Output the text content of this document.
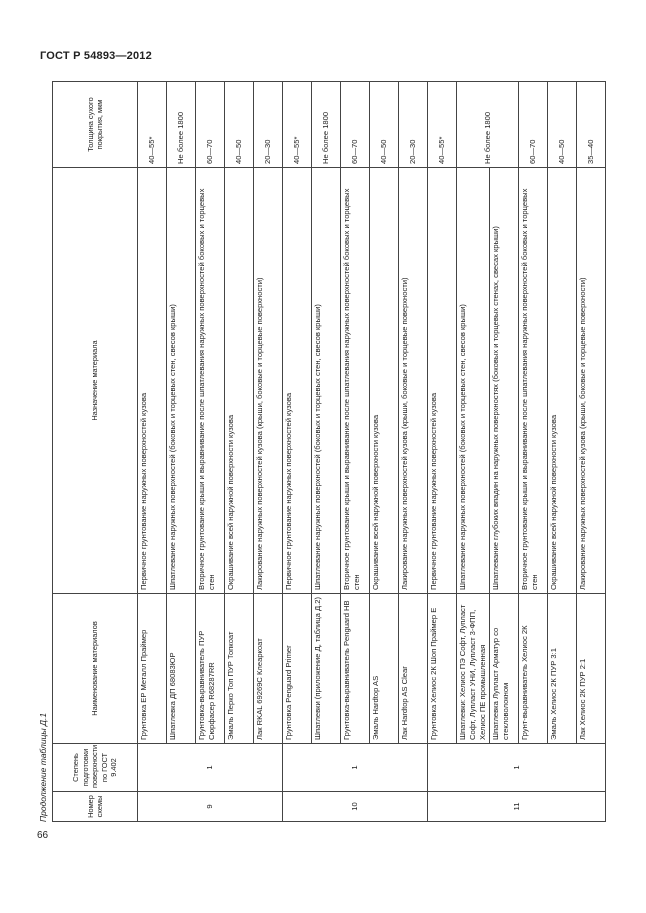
ГОСТ Р 54893—2012
Продолжение таблицы Д.1	Номер схемы	Степень подготовки поверхности по ГОСТ 9.402	Наименование материалов	Назначение материала	Толщина сухого покрытия, мкм
9	1	Грунтовка ЕР Металл Праймер	Первичное грунтование наружных поверхностей кузова	40—55*
		Шпатлевка ДП 68083ЮР	Шпатлевание наружных поверхностей (боковых и торцевых стен, свесов крыши)	Не более 1800
		Грунтовка-выравниватель ПУР Сюрфасер R68287RR	Вторичное грунтование крыши и выравнивание после шпатлевания наружных поверхностей боковых и торцевых стен	60—70
		Эмаль Перко Топ ПУР Топкоат	Окрашивание всей наружной поверхности кузова	40—50
		Лак RKAL 69269C Клеаркоат	Лакирование наружных поверхностей кузова (крыши, боковые и торцевые поверхности)	20—30
10	1	Грунтовка Penguard Primer	Первичное грунтование наружных поверхностей кузова	40—55*
		Шпатлевки (приложение Д, таблица Д.2)	Шпатлевание наружных поверхностей (боковых и торцевых стен, свесов крыши)	Не более 1800
		Грунтовка-выравниватель Penguard HB	Вторичное грунтование крыши и выравнивание после шпатлевания наружных поверхностей боковых и торцевых стен	60—70
		Эмаль Hardtop AS	Окрашивание всей наружной поверхности кузова	40—50
		Лак Hardtop AS Clear	Лакирование наружных поверхностей кузова (крыши, боковые и торцевые поверхности)	20—30
11	1	Грунтовка Хелиос 2К Шоп Праймер Е	Первичное грунтование наружных поверхностей кузова	40—55*
		Шпатлевки: Хелиос ПЭ Софт, Лупласт Софт, Лупласт УНИ, Лупласт 3-ФПП, Хелиос ПЕ промышленная	Шпатлевание наружных поверхностей (боковых и торцевых стен, свесов крыши)	Не более 1800
		Шпатлевка Лупласт Арматур со стекловолокном	Шпатлевание глубоких впадин на наружных поверхностях (боковых и торцевых стенах, свесах крыши)	
		Грунт-выравниватель Хелиос 2К	Вторичное грунтование крыши и выравнивание после шпатлевания наружных поверхностей боковых и торцевых стен	60—70
		Эмаль Хелиос 2К ПУР 3:1	Окрашивание всей наружной поверхности кузова	40—50
		Лак Хелиос 2К ПУР 2:1	Лакирование наружных поверхностей кузова (крыши, боковые и торцевые поверхности)	35—40
66
